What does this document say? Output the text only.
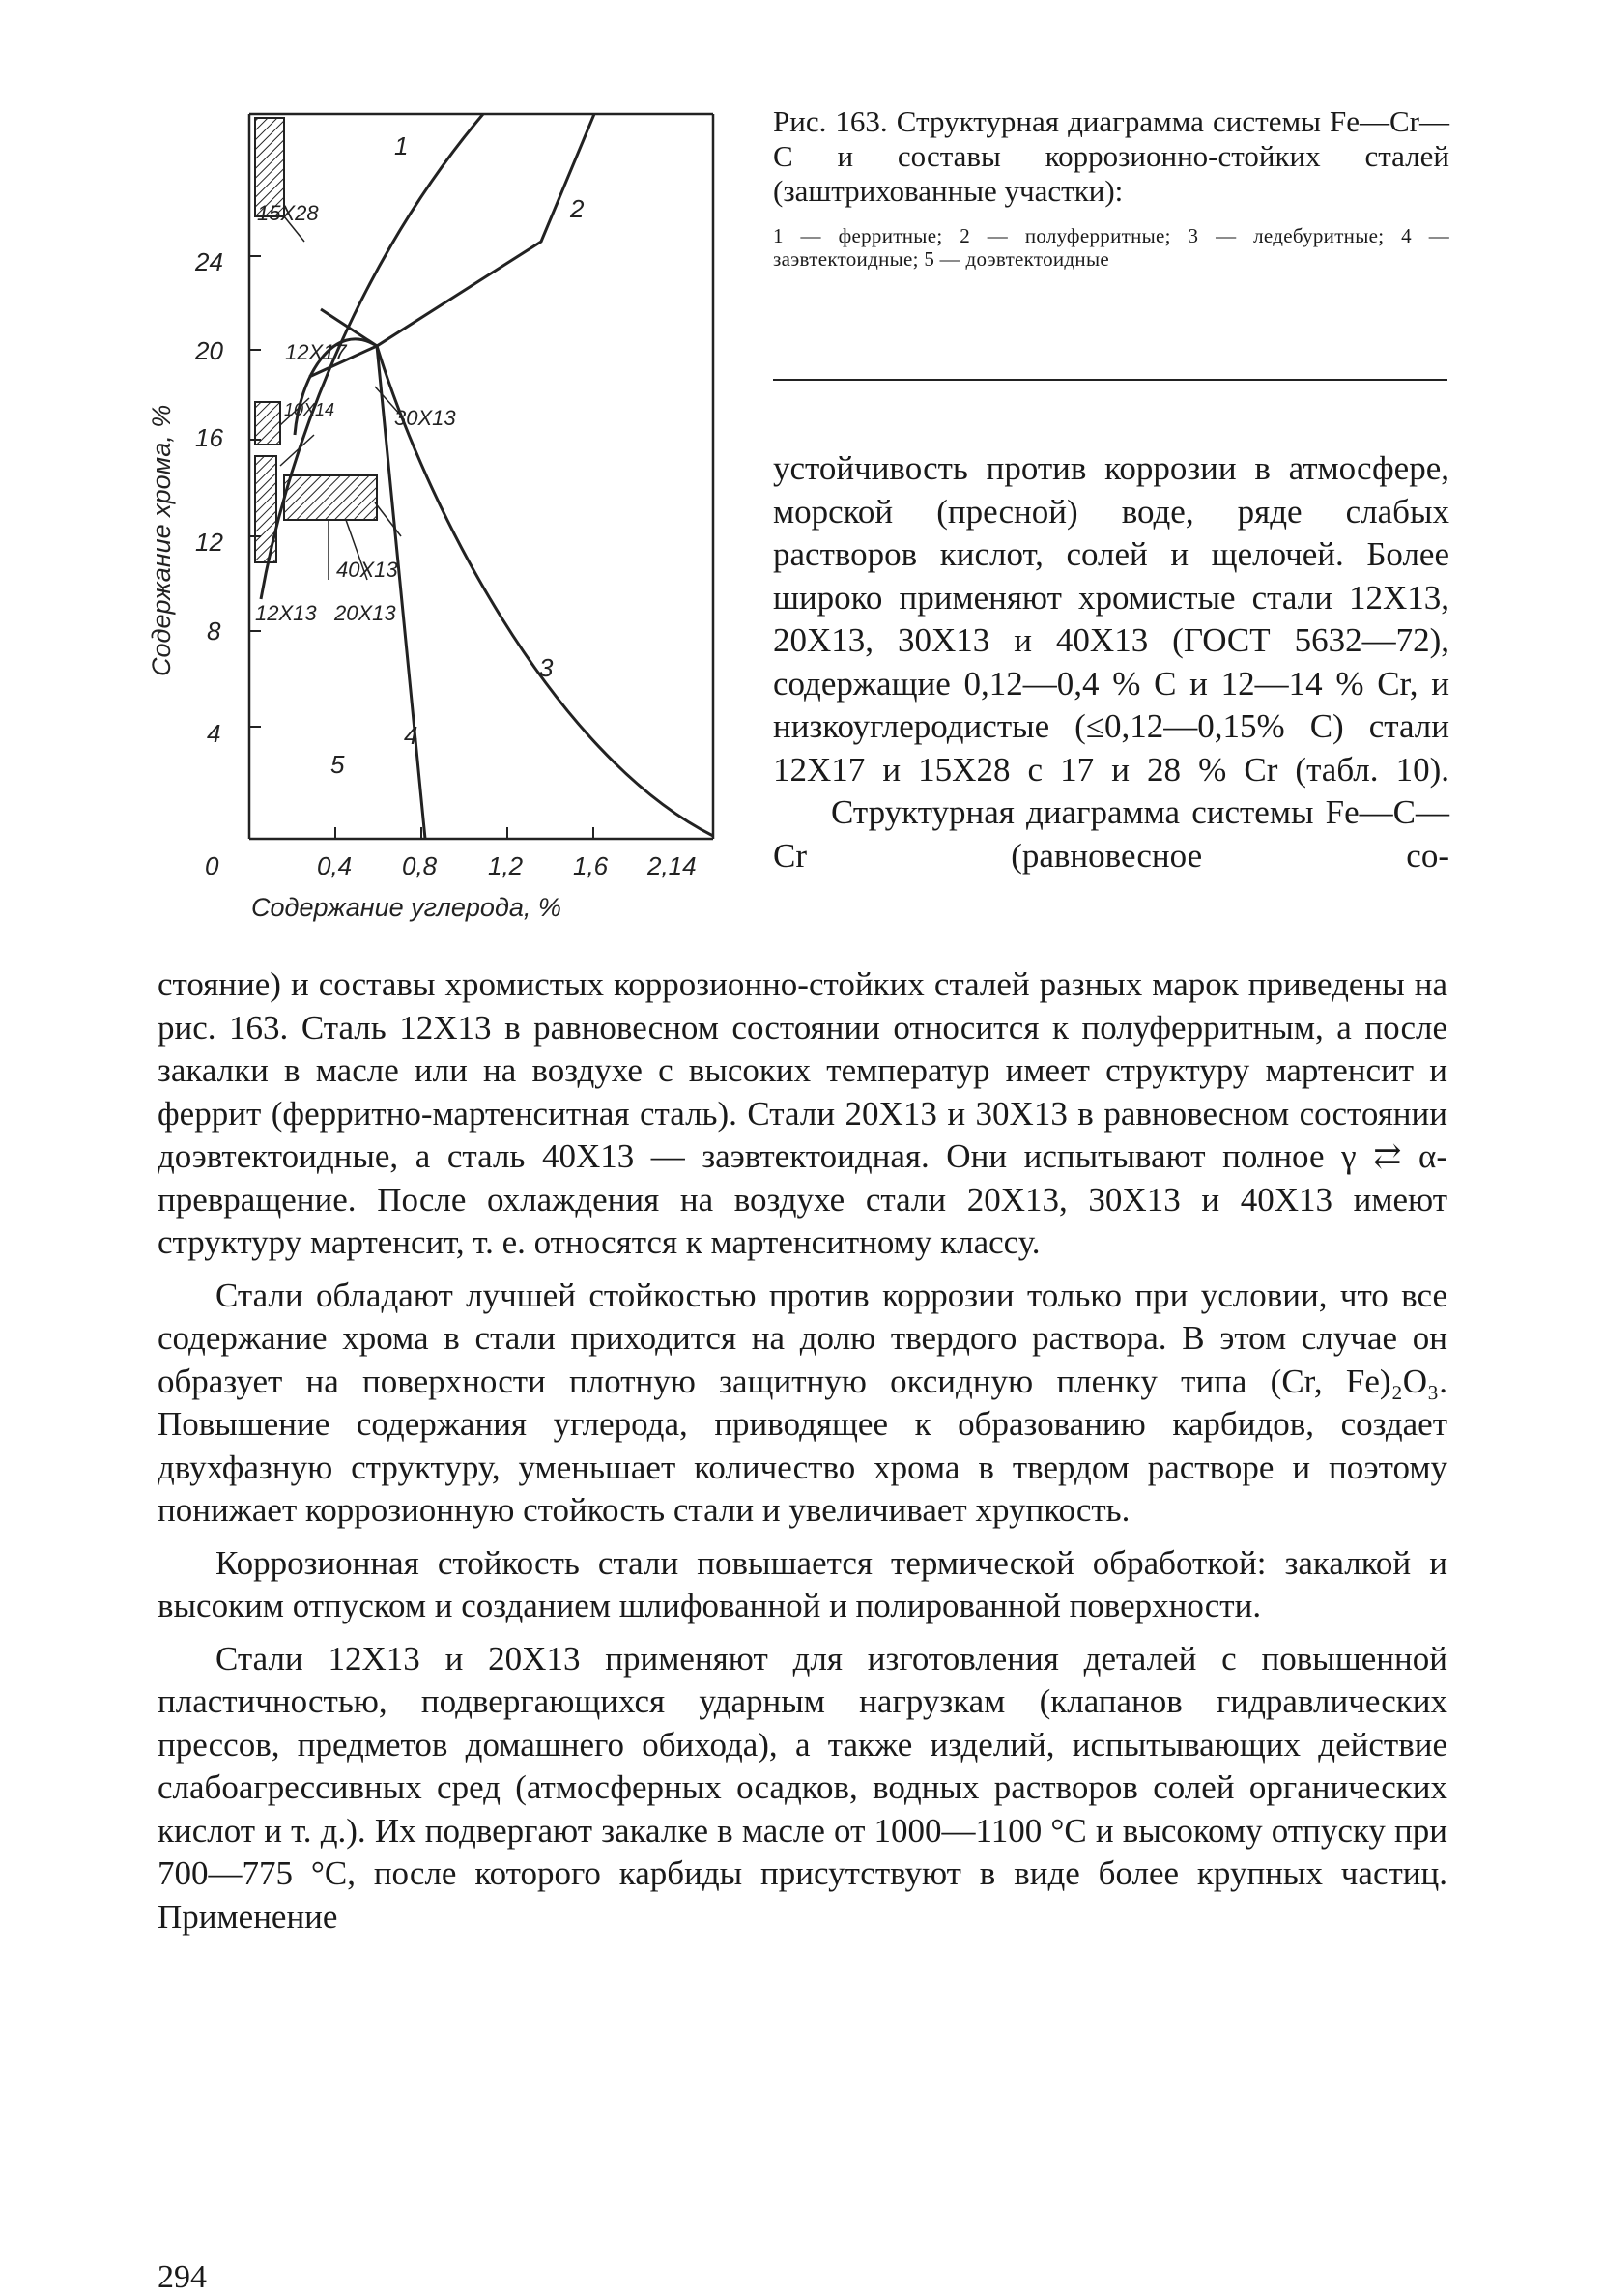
1
2
3
4
5
15Х28
12Х17
10Х14	30Х13
40Х13
12Х13 20Х13
24
20
16
12
8
4
0	0,4 0,8 1,2 1,6 2,14
Содержание углерода, %
Содержание хрома, %

Рис. 163. Структурная диаграмма системы Fe—Cr—C и составы коррозионно-стойких сталей (заштрихованные участки):

1 — ферритные; 2 — полуферритные; 3 — ледебуритные; 4 — заэвтектоидные; 5 — доэвтектоидные

устойчивость против коррозии в атмосфере, морской (пресной) воде, ряде слабых растворов кислот, солей и щелочей. Более широко применяют хромистые стали 12Х13, 20Х13, 30Х13 и 40Х13 (ГОСТ 5632—72), содержащие 0,12—0,4 % С и 12—14 % Cr, и низкоуглеродистые (≤0,12—0,15% C) стали 12Х17 и 15Х28 с 17 и 28 % Cr (табл. 10).

Структурная диаграмма системы Fe—C—Cr (равновесное со-

стояние) и составы хромистых коррозионно-стойких сталей разных марок приведены на рис. 163. Сталь 12Х13 в равновесном состоянии относится к полуферритным, а после закалки в масле или на воздухе с высоких температур имеет структуру мартенсит и феррит (ферритно-мартенситная сталь). Стали 20Х13 и 30Х13 в равновесном состоянии доэвтектоидные, а сталь 40Х13 — заэвтектоидная. Они испытывают полное γ ⇄ α-превращение. После охлаждения на воздухе стали 20Х13, 30Х13 и 40Х13 имеют структуру мартенсит, т. е. относятся к мартенситному классу.

Стали обладают лучшей стойкостью против коррозии только при условии, что все содержание хрома в стали приходится на долю твердого раствора. В этом случае он образует на поверхности плотную защитную оксидную пленку типа (Cr, Fe)₂O₃. Повышение содержания углерода, приводящее к образованию карбидов, создает двухфазную структуру, уменьшает количество хрома в твердом растворе и поэтому понижает коррозионную стойкость стали и увеличивает хрупкость.

Коррозионная стойкость стали повышается термической обработкой: закалкой и высоким отпуском и созданием шлифованной и полированной поверхности.

Стали 12Х13 и 20Х13 применяют для изготовления деталей с повышенной пластичностью, подвергающихся ударным нагрузкам (клапанов гидравлических прессов, предметов домашнего обихода), а также изделий, испытывающих действие слабоагрессивных сред (атмосферных осадков, водных растворов солей органических кислот и т. д.). Их подвергают закалке в масле от 1000—1100 °С и высокому отпуску при 700—775 °С, после которого карбиды присутствуют в виде более крупных частиц. Применение

294
